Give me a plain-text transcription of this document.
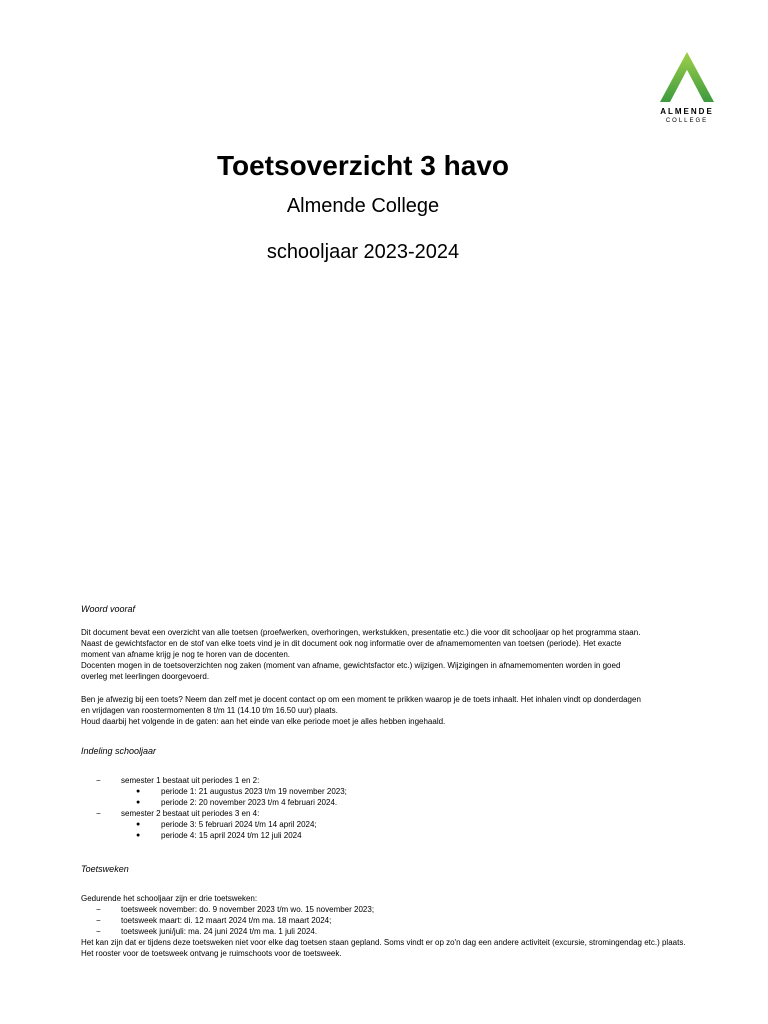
ALMENDE
COLLEGE
Toetsoverzicht 3 havo
Almende College
schooljaar 2023-2024
Woord vooraf
Dit document bevat een overzicht van alle toetsen (proefwerken, overhoringen, werkstukken, presentatie etc.) die voor dit schooljaar op het programma staan.
Naast de gewichtsfactor en de stof van elke toets vind je in dit document ook nog informatie over de afnamemomenten van toetsen (periode). Het exacte
moment van afname krijg je nog te horen van de docenten.
Docenten mogen in de toetsoverzichten nog zaken (moment van afname, gewichtsfactor etc.) wijzigen. Wijzigingen in afnamemomenten worden in goed
overleg met leerlingen doorgevoerd.
Ben je afwezig bij een toets? Neem dan zelf met je docent contact op om een moment te prikken waarop je de toets inhaalt. Het inhalen vindt op donderdagen
en vrijdagen van roostermomenten 8 t/m 11 (14.10 t/m 16.50 uur) plaats.
Houd daarbij het volgende in de gaten: aan het einde van elke periode moet je alles hebben ingehaald.
Indeling schooljaar
−	semester 1 bestaat uit periodes 1 en 2:
●	periode 1: 21 augustus 2023 t/m 19 november 2023;
●	periode 2: 20 november 2023 t/m 4 februari 2024.
−	semester 2 bestaat uit periodes 3 en 4:
●	periode 3: 5 februari 2024 t/m 14 april 2024;
●	periode 4: 15 april 2024 t/m 12 juli 2024
Toetsweken
Gedurende het schooljaar zijn er drie toetsweken:
−	toetsweek november: do. 9 november 2023 t/m wo. 15 november 2023;
−	toetsweek maart: di. 12 maart 2024 t/m ma. 18 maart 2024;
−	toetsweek juni/juli: ma. 24 juni 2024 t/m ma. 1 juli 2024.
Het kan zijn dat er tijdens deze toetsweken niet voor elke dag toetsen staan gepland. Soms vindt er op zo'n dag een andere activiteit (excursie, stromingendag etc.) plaats.
Het rooster voor de toetsweek ontvang je ruimschoots voor de toetsweek.
